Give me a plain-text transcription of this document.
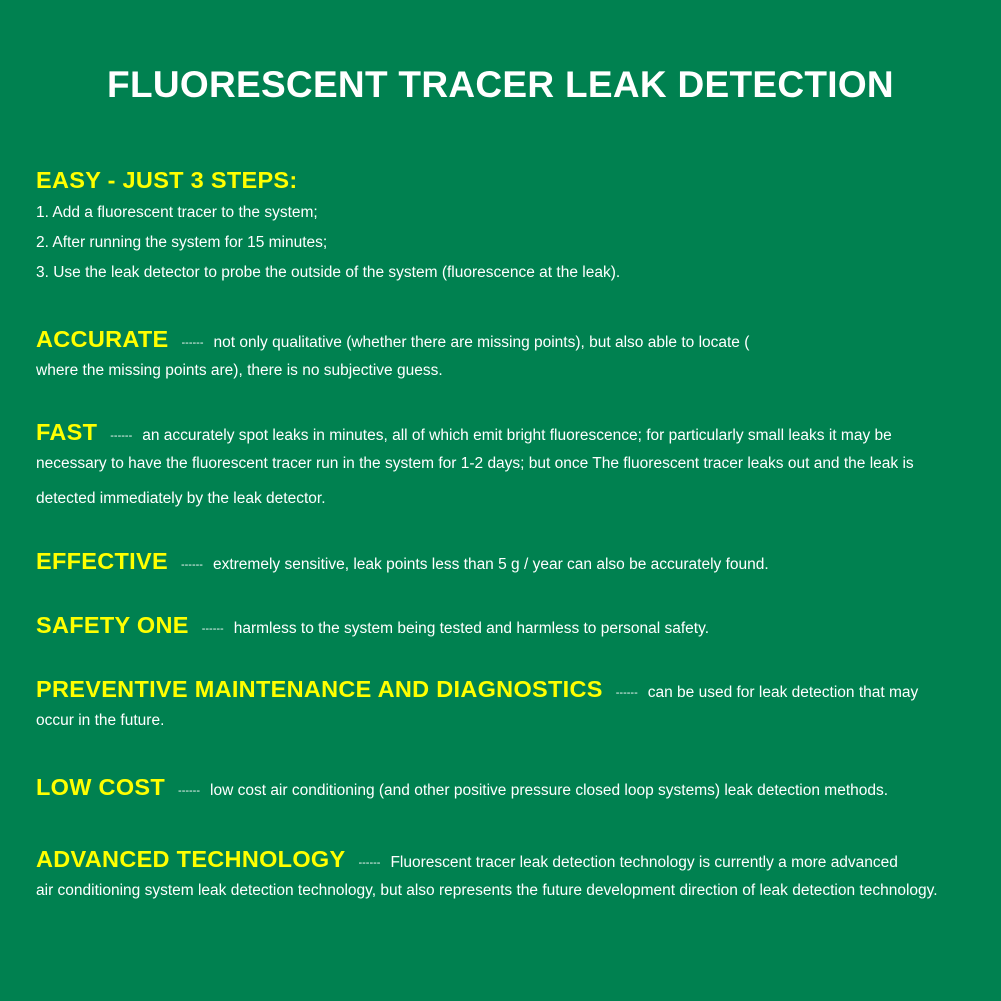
FLUORESCENT TRACER LEAK DETECTION
EASY - JUST 3 STEPS:
1. Add a fluorescent tracer to the system;
2. After running the system for 15 minutes;
3. Use the leak detector to probe the outside of the system (fluorescence at the leak).
ACCURATE ------ not only qualitative (whether there are missing points), but also able to locate (
where the missing points are), there is no subjective guess.
FAST ------ an accurately spot leaks in minutes, all of which emit bright fluorescence; for particularly small leaks it may be
necessary to have the fluorescent tracer run in the system for 1-2 days; but once The fluorescent tracer leaks out and the leak is
detected immediately by the leak detector.
EFFECTIVE ------ extremely sensitive, leak points less than 5 g / year can also be accurately found.
SAFETY ONE ------ harmless to the system being tested and harmless to personal safety.
PREVENTIVE MAINTENANCE AND DIAGNOSTICS ------ can be used for leak detection that may
occur in the future.
LOW COST ------ low cost air conditioning (and other positive pressure closed loop systems) leak detection methods.
ADVANCED TECHNOLOGY ------ Fluorescent tracer leak detection technology is currently a more advanced
air conditioning system leak detection technology, but also represents the future development direction of leak detection technology.
